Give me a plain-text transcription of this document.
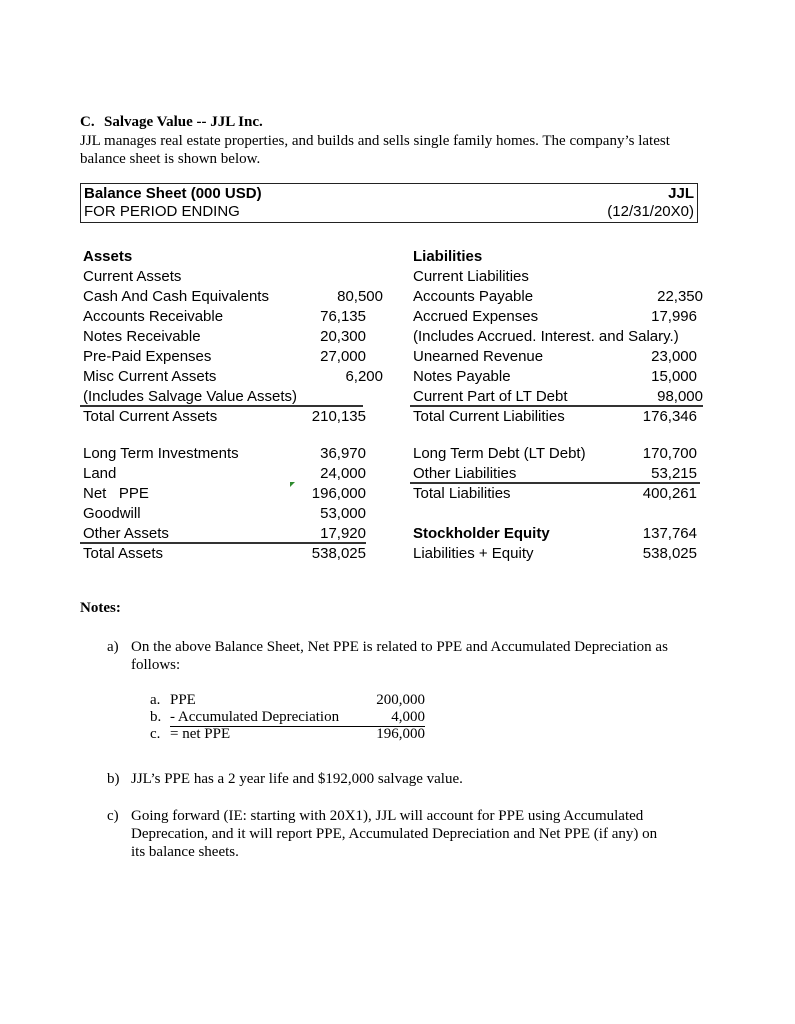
C. Salvage Value -- JJL Inc.
JJL manages real estate properties, and builds and sells single family homes. The company’s latest balance sheet is shown below.
Balance Sheet (000 USD)	JJL
FOR PERIOD ENDING	(12/31/20X0)
Assets
Current Assets
Cash And Cash Equivalents	80,500
Accounts Receivable	76,135
Notes Receivable	20,300
Pre-Paid Expenses	27,000
Misc Current Assets	6,200
(Includes Salvage Value Assets)
Total Current Assets	210,135
Long Term Investments	36,970
Land	24,000
Net   PPE	196,000
Goodwill	53,000
Other Assets	17,920
Total Assets	538,025
Liabilities
Current Liabilities
Accounts Payable	22,350
Accrued Expenses	17,996
(Includes Accrued. Interest. and Salary.)
Unearned Revenue	23,000
Notes Payable	15,000
Current Part of LT Debt	98,000
Total Current Liabilities	176,346
Long Term Debt (LT Debt)	170,700
Other Liabilities	53,215
Total Liabilities	400,261
Stockholder Equity	137,764
Liabilities + Equity	538,025
Notes:
a) On the above Balance Sheet, Net PPE is related to PPE and Accumulated Depreciation as
follows:
a. PPE	200,000
b. - Accumulated Depreciation	4,000
c. = net PPE	196,000
b) JJL’s PPE has a 2 year life and $192,000 salvage value.
c) Going forward (IE: starting with 20X1), JJL will account for PPE using Accumulated
Deprecation, and it will report PPE, Accumulated Depreciation and Net PPE (if any) on
its balance sheets.
